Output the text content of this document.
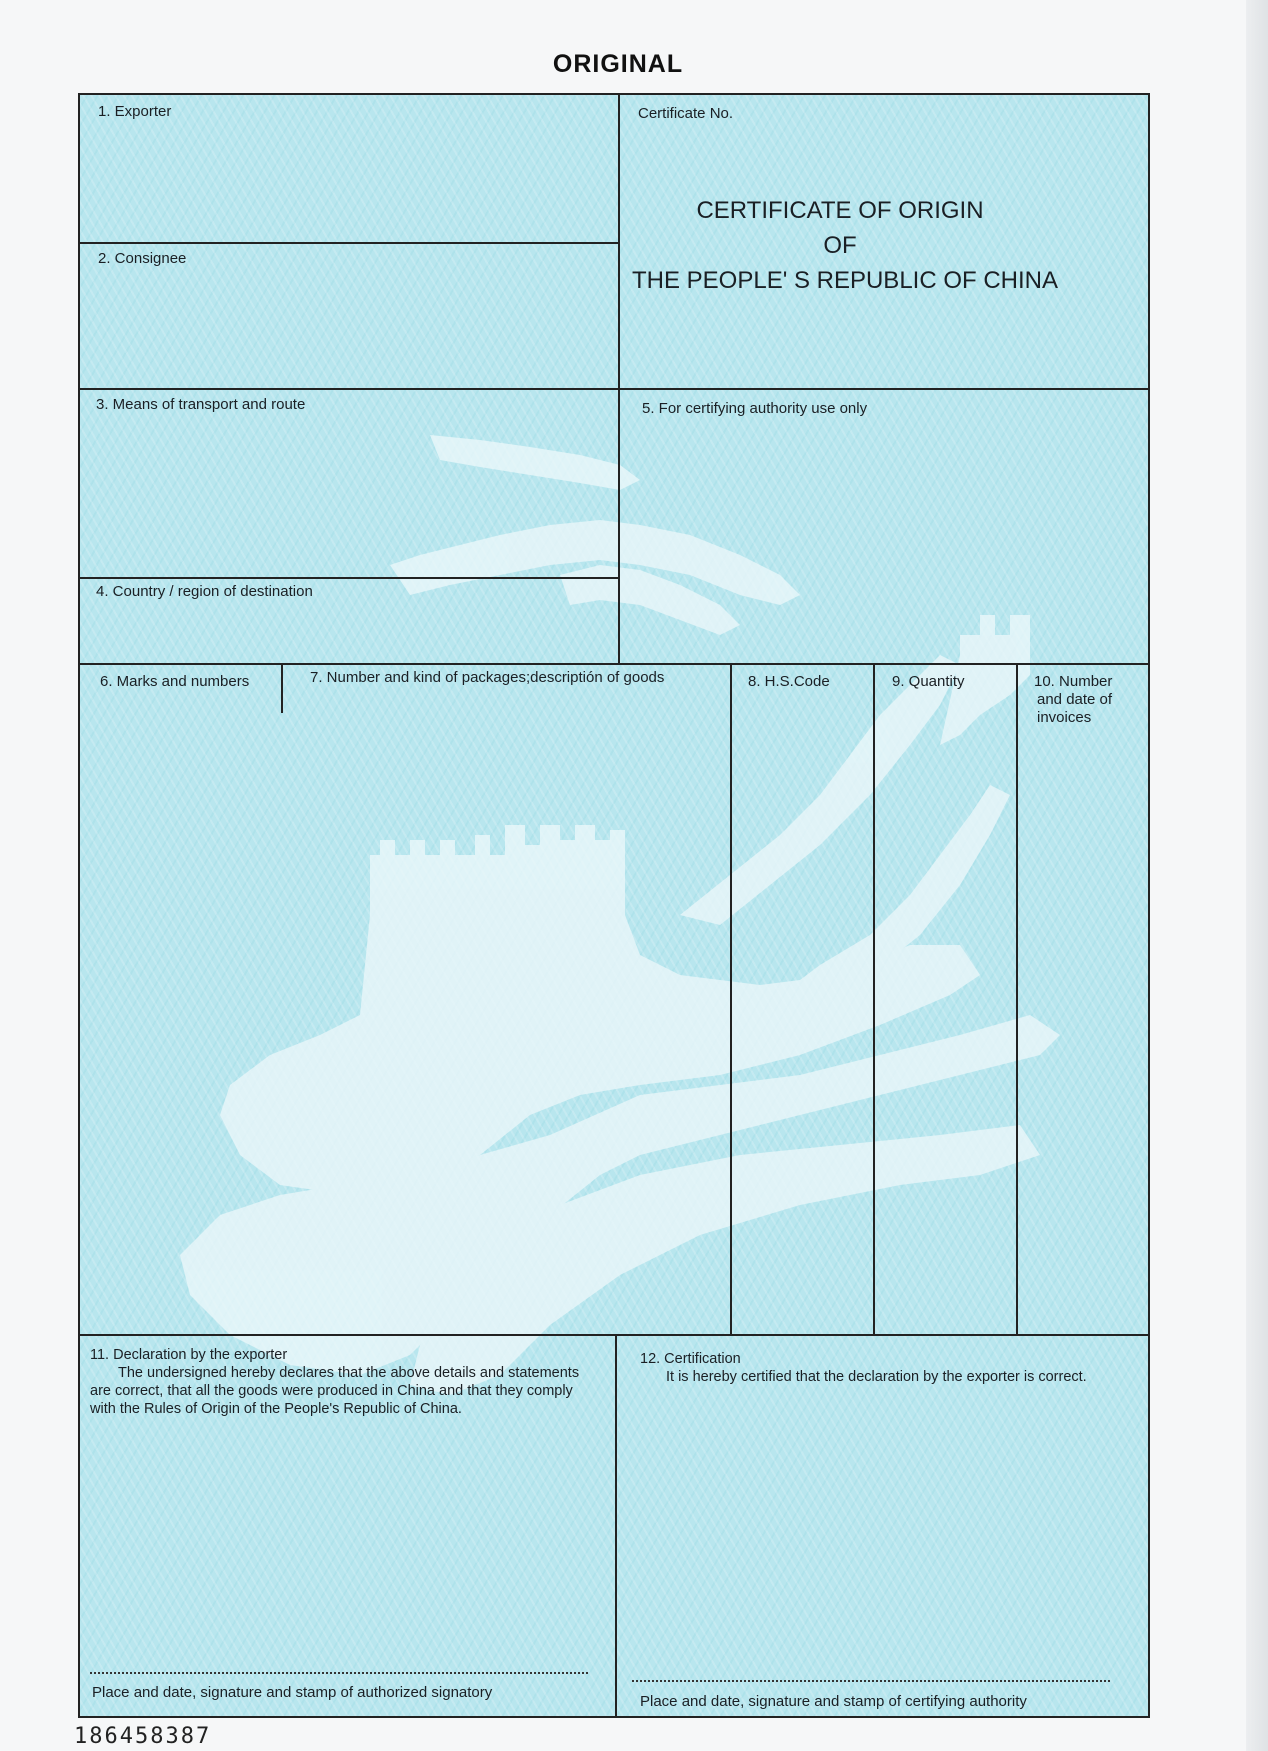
ORIGINAL
1. Exporter	Certificate No.
2. Consignee
3. Means of transport and route	5. For certifying authority use only
4. Country / region of destination
6. Marks and numbers	7. Number and kind of packages;descriptión of goods	8. H.S.Code	9. Quantity	10. Number
and date of
invoices
CERTIFICATE OF ORIGIN
OF
THE PEOPLE' S REPUBLIC OF CHINA
11. Declaration by the exporter
The undersigned hereby declares that the above details and statements
are correct, that all the goods were produced in China and that they comply
with the Rules of Origin of the People's Republic of China.
Place and date, signature and stamp of authorized signatory
12. Certification
It is hereby certified that the declaration by the exporter is correct.
Place and date, signature and stamp of certifying authority
186458387
